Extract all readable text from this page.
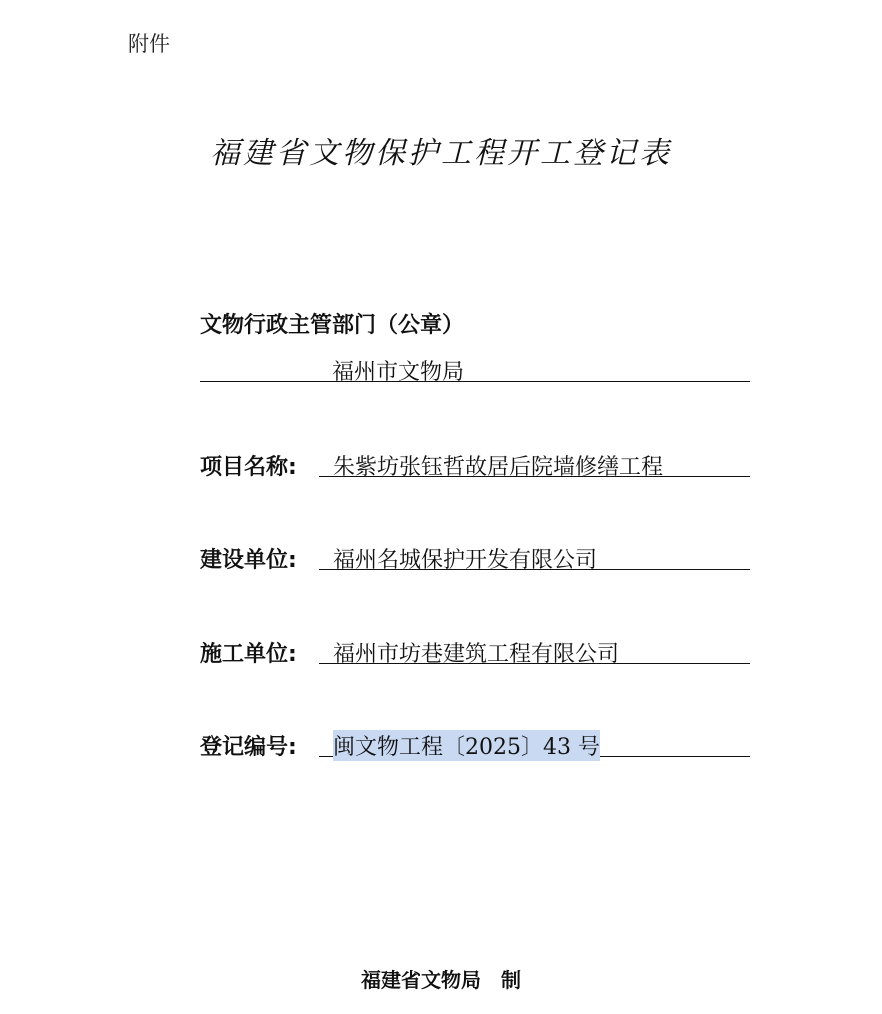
附件
福建省文物保护工程开工登记表
文物行政主管部门（公章）
福州市文物局
项目名称: 朱紫坊张钰哲故居后院墙修缮工程
建设单位: 福州名城保护开发有限公司
施工单位: 福州市坊巷建筑工程有限公司
登记编号: 闽文物工程〔2025〕43 号
福建省文物局　制
